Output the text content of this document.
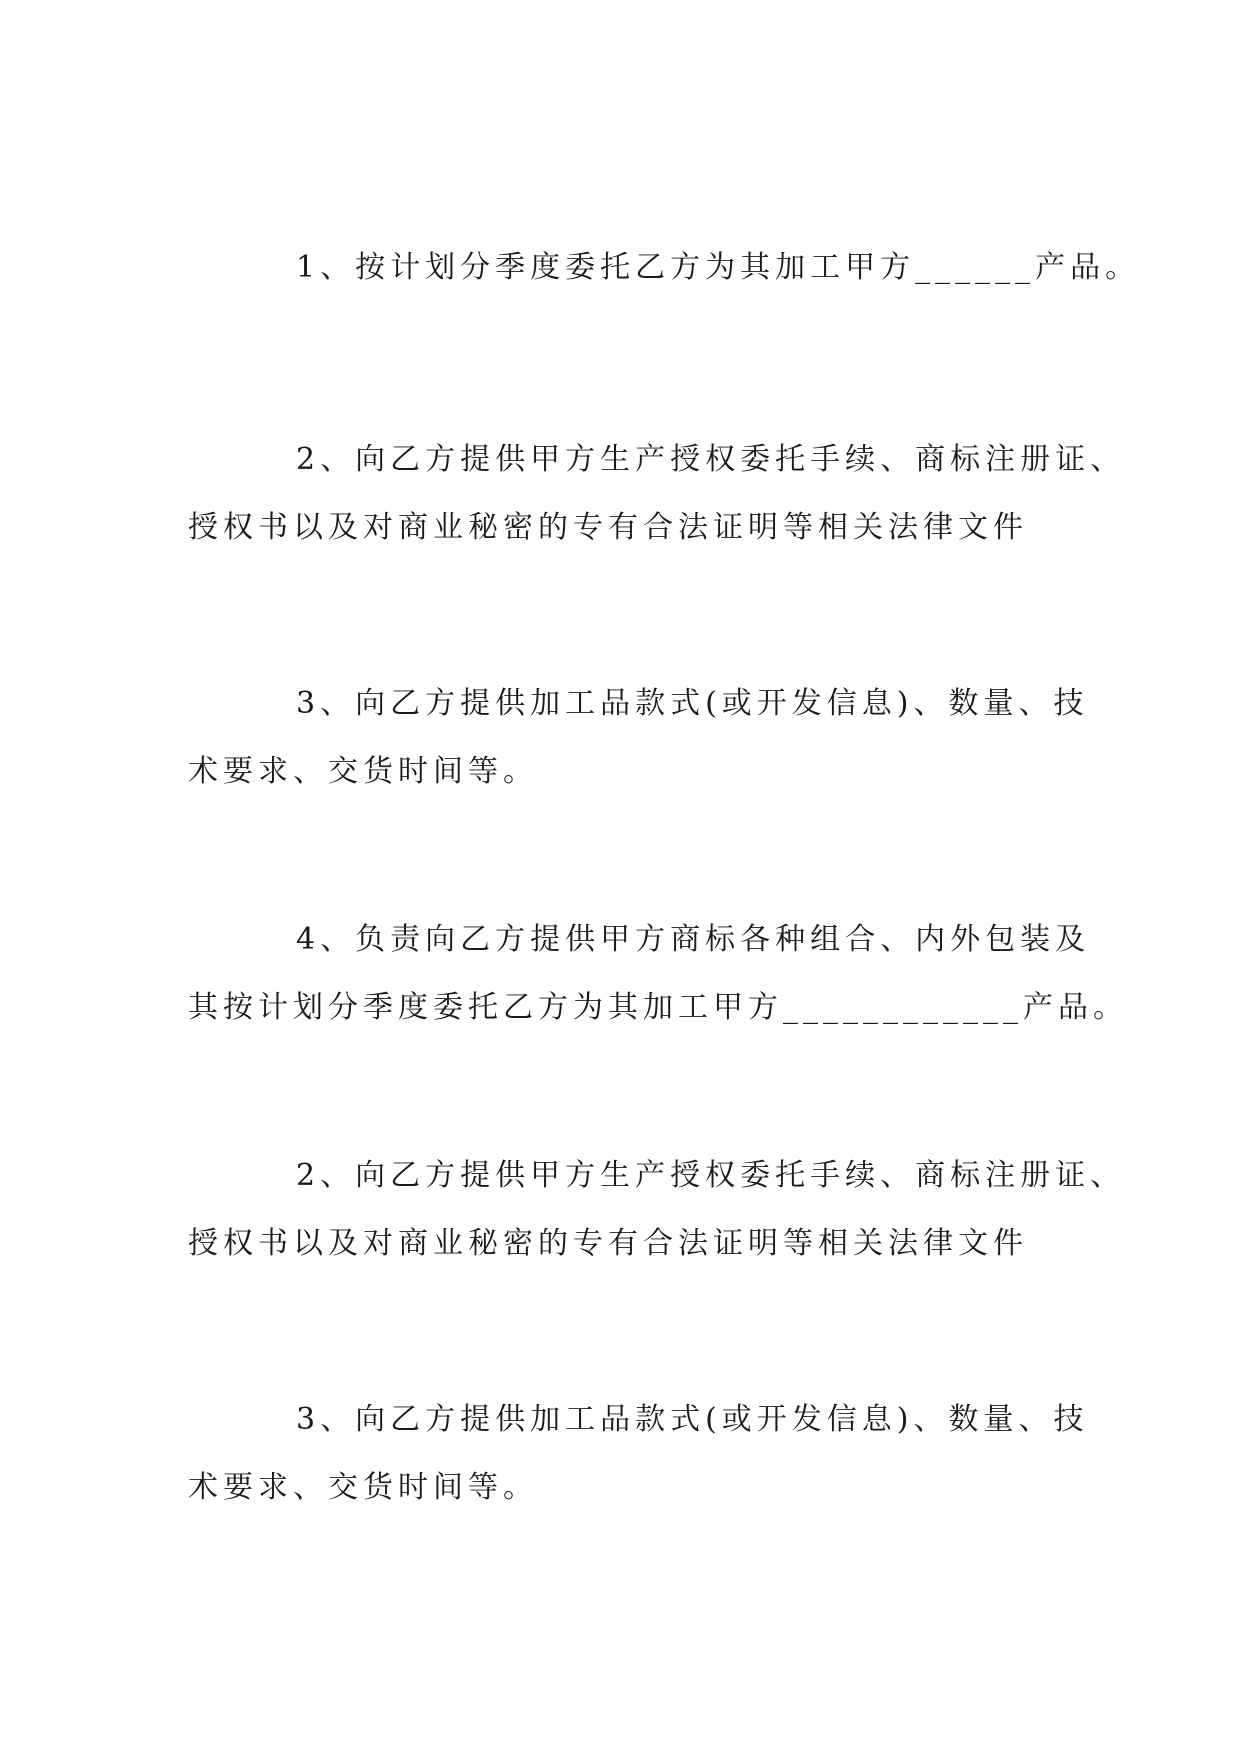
1、按计划分季度委托乙方为其加工甲方______产品。
2、向乙方提供甲方生产授权委托手续、商标注册证、
授权书以及对商业秘密的专有合法证明等相关法律文件
3、向乙方提供加工品款式(或开发信息)、数量、技
术要求、交货时间等。
4、负责向乙方提供甲方商标各种组合、内外包装及
其按计划分季度委托乙方为其加工甲方____________产品。
2、向乙方提供甲方生产授权委托手续、商标注册证、
授权书以及对商业秘密的专有合法证明等相关法律文件
3、向乙方提供加工品款式(或开发信息)、数量、技
术要求、交货时间等。
